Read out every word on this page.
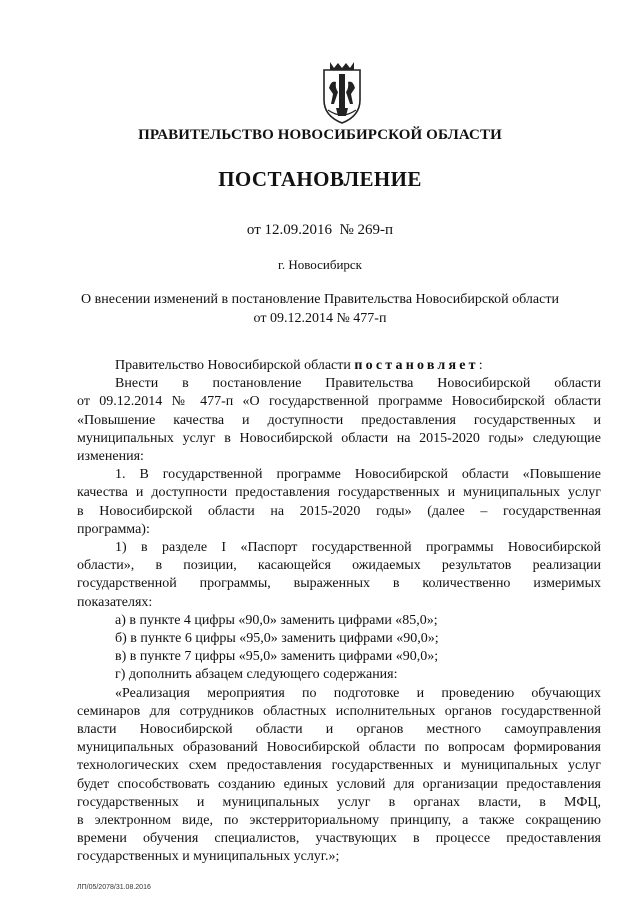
ПРАВИТЕЛЬСТВО НОВОСИБИРСКОЙ ОБЛАСТИ
ПОСТАНОВЛЕНИЕ
от 12.09.2016  № 269-п
г. Новосибирск
О внесении изменений в постановление Правительства Новосибирской области
от 09.12.2014 № 477-п

Правительство Новосибирской области постановляет:

Внести в постановление Правительства Новосибирской области

от 09.12.2014 № 477-п «О государственной программе Новосибирской области

«Повышение качества и доступности предоставления государственных и

муниципальных услуг в Новосибирской области на 2015-2020 годы» следующие

изменения:

1. В государственной программе Новосибирской области «Повышение

качества и доступности предоставления государственных и муниципальных услуг

в Новосибирской области на 2015-2020 годы» (далее – государственная

программа):

1) в разделе I «Паспорт государственной программы Новосибирской

области», в позиции, касающейся ожидаемых результатов реализации

государственной программы, выраженных в количественно измеримых

показателях:

а) в пункте 4 цифры «90,0» заменить цифрами «85,0»;

б) в пункте 6 цифры «95,0» заменить цифрами «90,0»;

в) в пункте 7 цифры «95,0» заменить цифрами «90,0»;

г) дополнить абзацем следующего содержания:

«Реализация мероприятия по подготовке и проведению обучающих

семинаров для сотрудников областных исполнительных органов государственной

власти Новосибирской области и органов местного самоуправления

муниципальных образований Новосибирской области по вопросам формирования

технологических схем предоставления государственных и муниципальных услуг

будет способствовать созданию единых условий для организации предоставления

государственных и муниципальных услуг в органах власти, в МФЦ,

в электронном виде, по экстерриториальному принципу, а также сокращению

времени обучения специалистов, участвующих в процессе предоставления

государственных и муниципальных услуг.»;

ЛП/05/2078/31.08.2016
